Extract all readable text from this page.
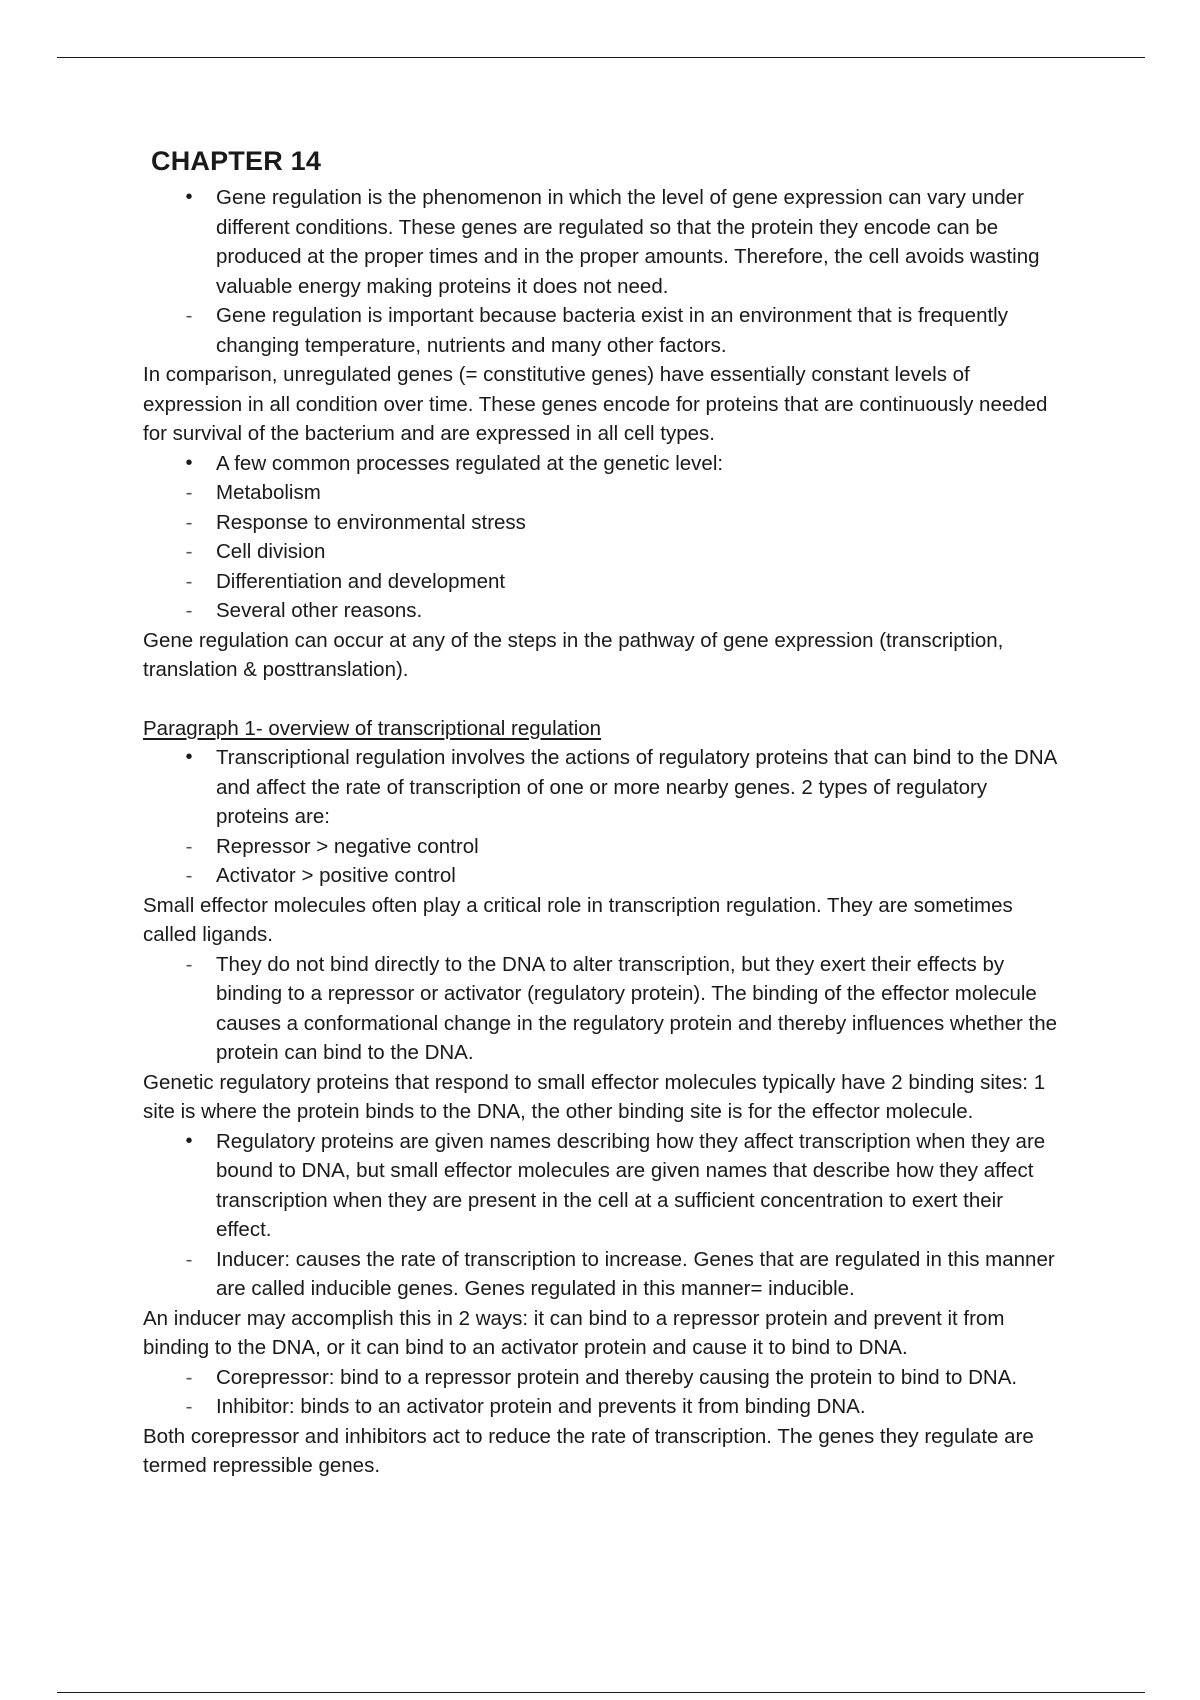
CHAPTER 14
•	Gene regulation is the phenomenon in which the level of gene expression can vary under different conditions. These genes are regulated so that the protein they encode can be produced at the proper times and in the proper amounts. Therefore, the cell avoids wasting valuable energy making proteins it does not need.
-	Gene regulation is important because bacteria exist in an environment that is frequently changing temperature, nutrients and many other factors.
In comparison, unregulated genes (= constitutive genes) have essentially constant levels of expression in all condition over time. These genes encode for proteins that are continuously needed for survival of the bacterium and are expressed in all cell types.
•	A few common processes regulated at the genetic level:
-	Metabolism
-	Response to environmental stress
-	Cell division
-	Differentiation and development
-	Several other reasons.
Gene regulation can occur at any of the steps in the pathway of gene expression (transcription, translation & posttranslation).
Paragraph 1- overview of transcriptional regulation
•	Transcriptional regulation involves the actions of regulatory proteins that can bind to the DNA and affect the rate of transcription of one or more nearby genes. 2 types of regulatory proteins are:
-	Repressor > negative control
-	Activator > positive control
Small effector molecules often play a critical role in transcription regulation. They are sometimes called ligands.
-	They do not bind directly to the DNA to alter transcription, but they exert their effects by binding to a repressor or activator (regulatory protein). The binding of the effector molecule causes a conformational change in the regulatory protein and thereby influences whether the protein can bind to the DNA.
Genetic regulatory proteins that respond to small effector molecules typically have 2 binding sites: 1 site is where the protein binds to the DNA, the other binding site is for the effector molecule.
•	Regulatory proteins are given names describing how they affect transcription when they are bound to DNA, but small effector molecules are given names that describe how they affect transcription when they are present in the cell at a sufficient concentration to exert their effect.
-	Inducer: causes the rate of transcription to increase. Genes that are regulated in this manner are called inducible genes. Genes regulated in this manner= inducible.
An inducer may accomplish this in 2 ways: it can bind to a repressor protein and prevent it from binding to the DNA, or it can bind to an activator protein and cause it to bind to DNA.
-	Corepressor: bind to a repressor protein and thereby causing the protein to bind to DNA.
-	Inhibitor: binds to an activator protein and prevents it from binding DNA.
Both corepressor and inhibitors act to reduce the rate of transcription. The genes they regulate are termed repressible genes.
